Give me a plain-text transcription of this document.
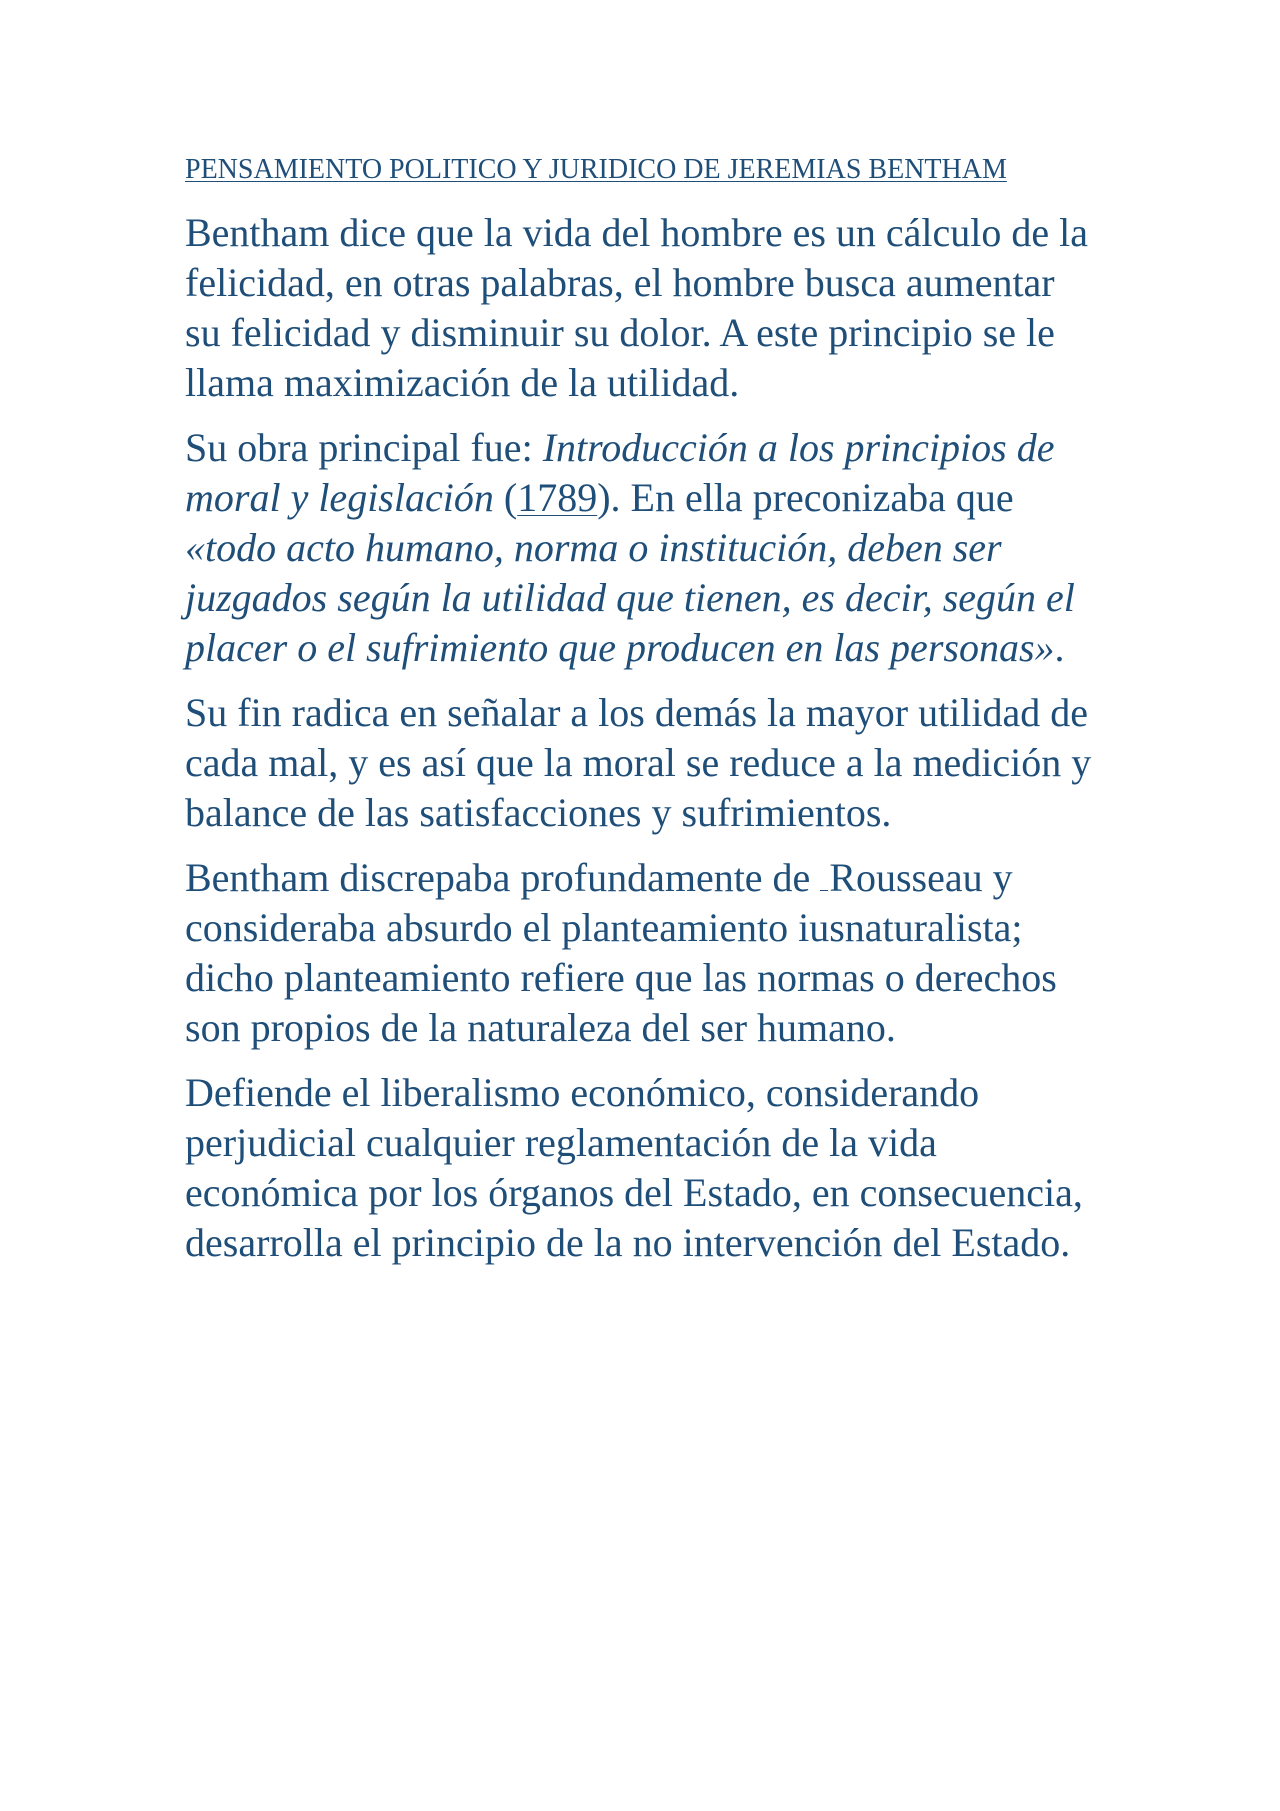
PENSAMIENTO POLITICO Y JURIDICO DE JEREMIAS BENTHAM

Bentham dice que la vida del hombre es un cálculo de la felicidad, en otras palabras, el hombre busca aumentar su felicidad y disminuir su dolor. A este principio se le llama maximización de la utilidad.

Su obra principal fue: Introducción a los principios de moral y legislación (1789). En ella preconizaba que «todo acto humano, norma o institución, deben ser juzgados según la utilidad que tienen, es decir, según el placer o el sufrimiento que producen en las personas».

Su fin radica en señalar a los demás la mayor utilidad de cada mal, y es así que la moral se reduce a la medición y balance de las satisfacciones y sufrimientos.

Bentham discrepaba profundamente de Rousseau y consideraba absurdo el planteamiento iusnaturalista; dicho planteamiento refiere que las normas o derechos son propios de la naturaleza del ser humano.

Defiende el liberalismo económico, considerando perjudicial cualquier reglamentación de la vida económica por los órganos del Estado, en consecuencia, desarrolla el principio de la no intervención del Estado.
